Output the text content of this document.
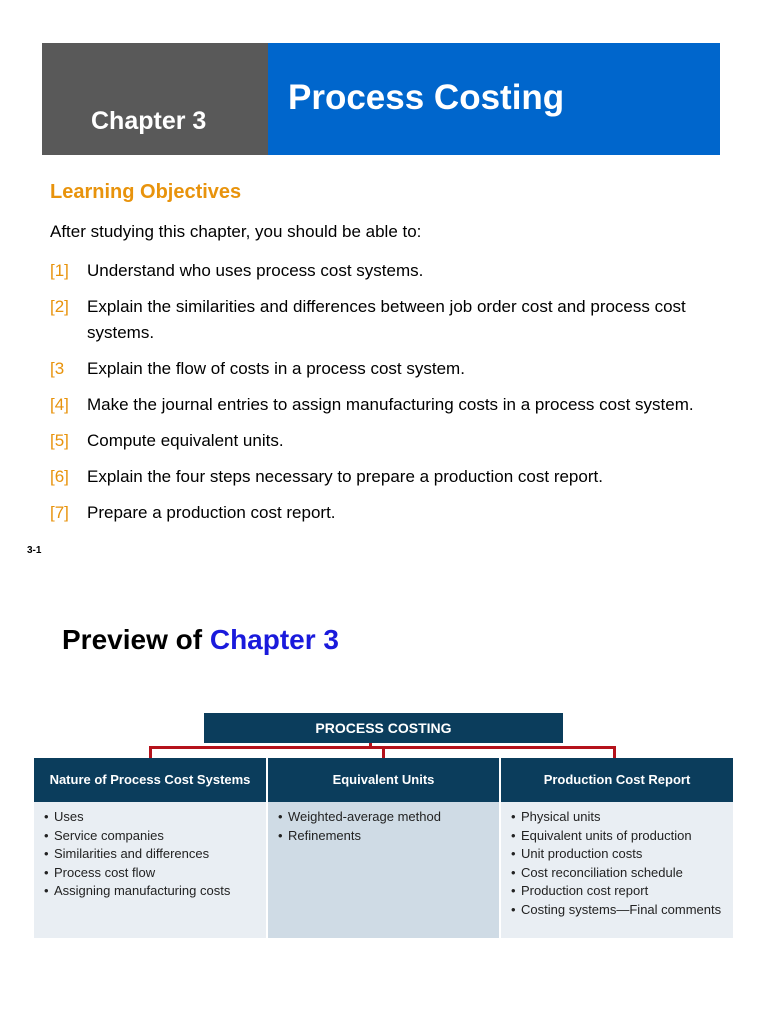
Chapter 3
Process Costing
Learning Objectives
After studying this chapter, you should be able to:
[1] Understand who uses process cost systems.
[2] Explain the similarities and differences between job order cost and process cost systems.
[3 Explain the flow of costs in a process cost system.
[4] Make the journal entries to assign manufacturing costs in a process cost system.
[5] Compute equivalent units.
[6] Explain the four steps necessary to prepare a production cost report.
[7] Prepare a production cost report.
3-1
Preview of Chapter 3
PROCESS COSTING
Nature of Process Cost Systems
• Uses
• Service companies
• Similarities and differences
• Process cost flow
• Assigning manufacturing costs
Equivalent Units
• Weighted-average method
• Refinements
Production Cost Report
• Physical units
• Equivalent units of production
• Unit production costs
• Cost reconciliation schedule
• Production cost report
• Costing systems—Final comments
